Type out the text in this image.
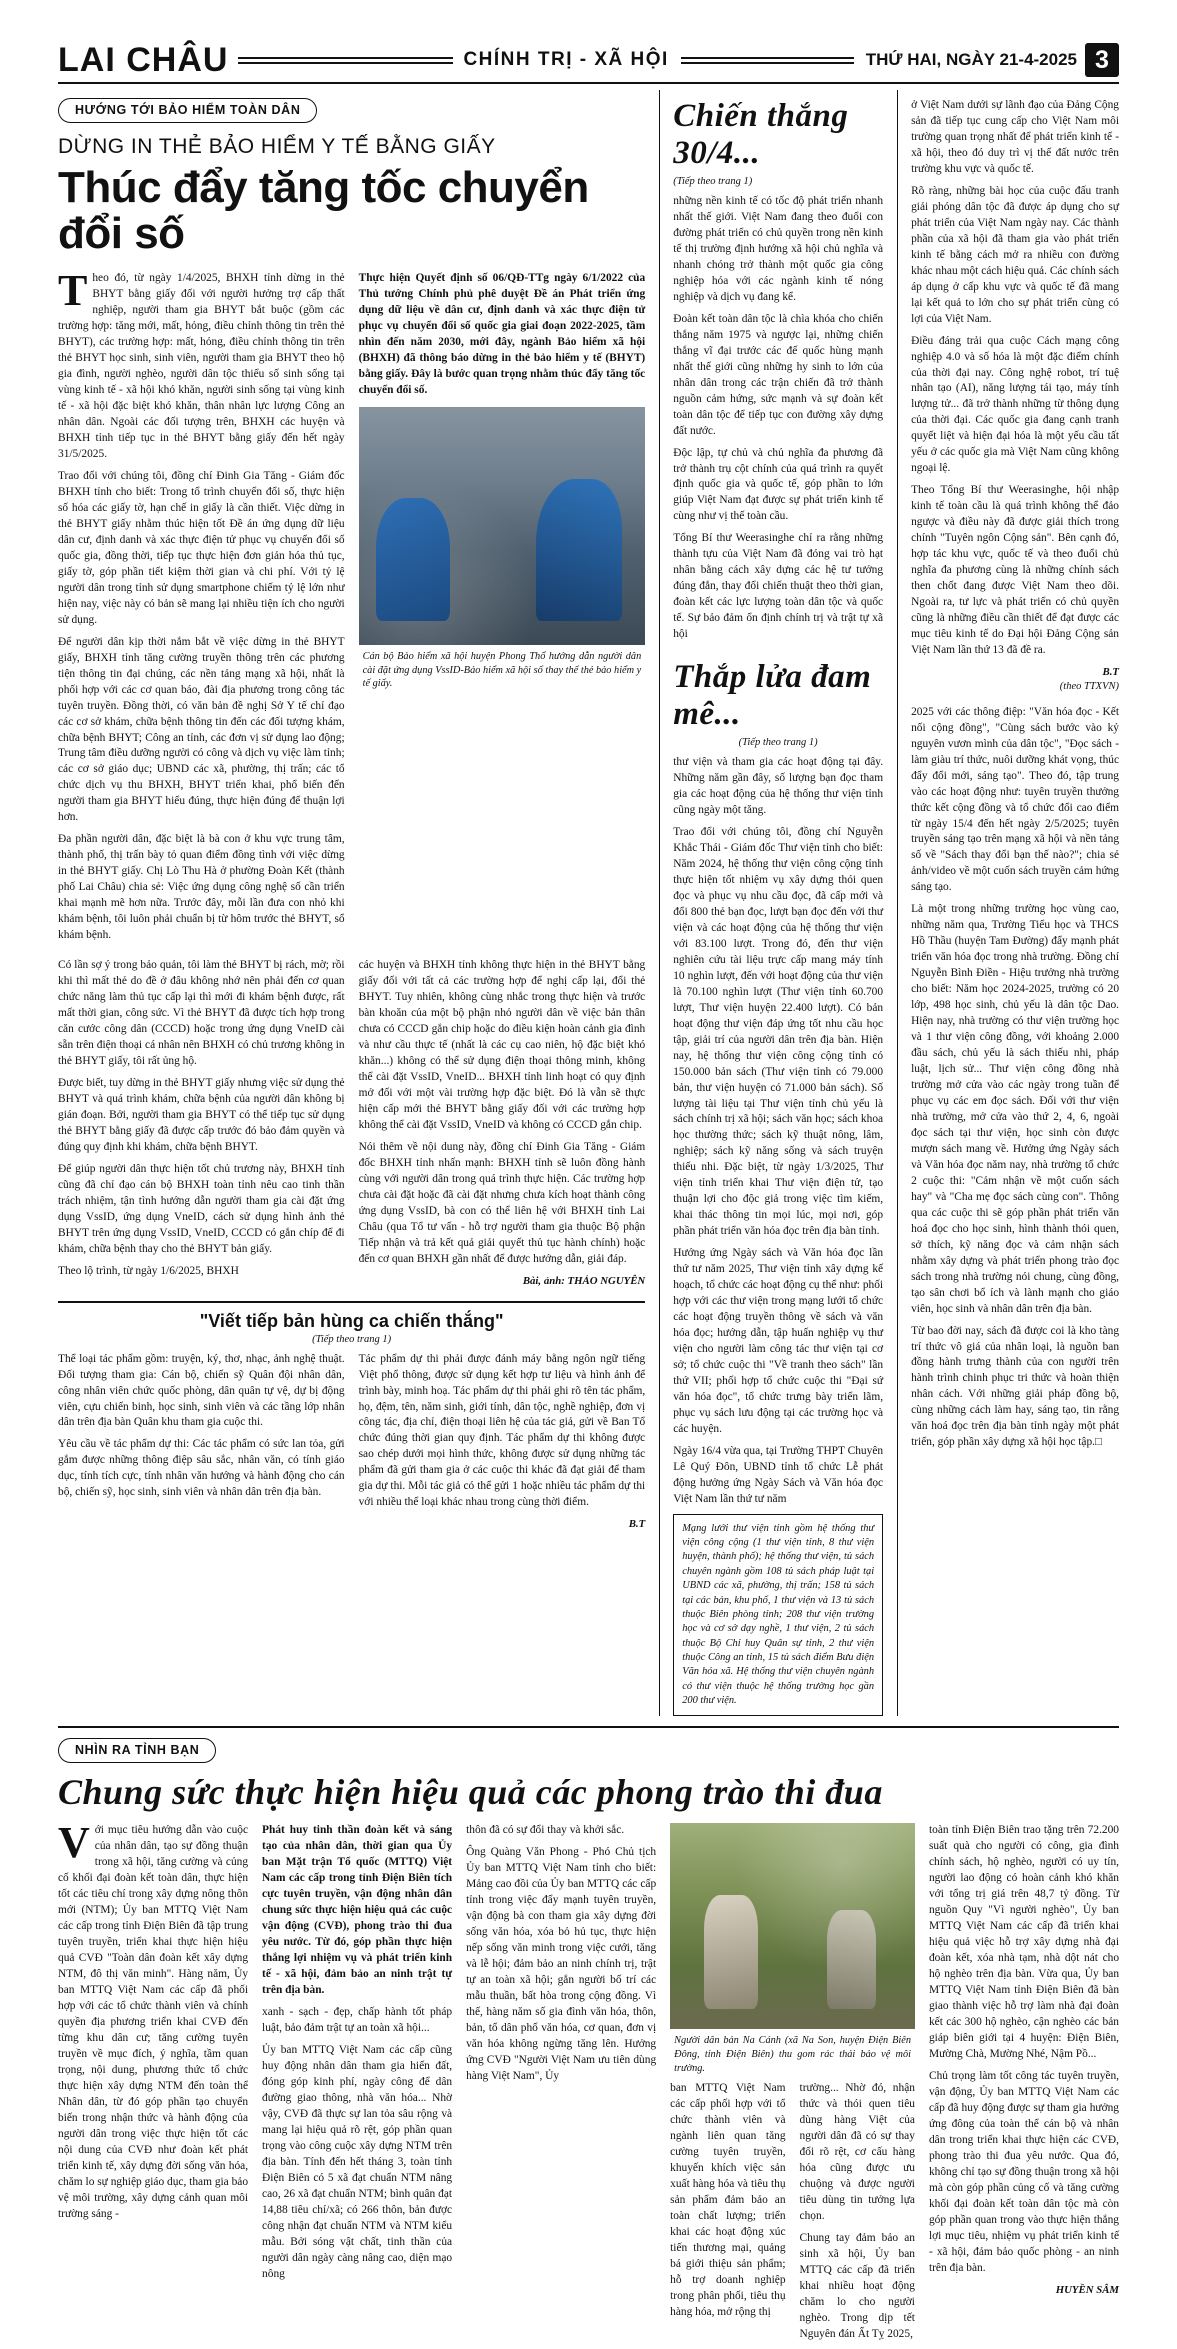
LAI CHÂU	CHÍNH TRỊ - XÃ HỘI	THỨ HAI, NGÀY 21-4-2025 3
HƯỚNG TỚI BẢO HIỂM TOÀN DÂN
DỪNG IN THẺ BẢO HIỂM Y TẾ BẰNG GIẤY
Thúc đẩy tăng tốc chuyển đổi số

Theo đó, từ ngày 1/4/2025, BHXH tỉnh dừng in thẻ BHYT bằng giấy đối với người hưởng trợ cấp thất nghiệp, người tham gia BHYT bắt buộc (gồm các trường hợp: tăng mới, mất, hỏng, điều chỉnh thông tin trên thẻ BHYT), các trường hợp: mất, hỏng, điều chỉnh thông tin trên thẻ BHYT học sinh, sinh viên, người tham gia BHYT theo hộ gia đình, người nghèo, người dân tộc thiểu số sinh sống tại vùng kinh tế - xã hội khó khăn, người sinh sống tại vùng kinh tế - xã hội đặc biệt khó khăn, thân nhân lực lượng Công an nhân dân. Ngoài các đối tượng trên, BHXH các huyện và BHXH tỉnh tiếp tục in thẻ BHYT bằng giấy đến hết ngày 31/5/2025.

Trao đổi với chúng tôi, đồng chí Đinh Gia Tăng - Giám đốc BHXH tỉnh cho biết: Trong tổ trình chuyển đổi số, thực hiện số hóa các giấy tờ, hạn chế in giấy là cần thiết. Việc dừng in thẻ BHYT giấy nhằm thúc hiện tốt Đề án ứng dụng dữ liệu dân cư, định danh và xác thực điện tử phục vụ chuyển đổi số quốc gia, đồng thời, tiếp tục thực hiện đơn giản hóa thủ tục, giấy tờ, góp phần tiết kiệm thời gian và chi phí. Với tỷ lệ người dân trong tỉnh sử dụng smartphone chiếm tỷ lệ lớn như hiện nay, việc này có bản sẽ mang lại nhiều tiện ích cho người sử dụng.

Để người dân kịp thời nắm bắt về việc dừng in thẻ BHYT giấy, BHXH tỉnh tăng cường truyền thông trên các phương tiện thông tin đại chúng, các nền tảng mạng xã hội, nhất là phối hợp với các cơ quan báo, đài địa phương trong công tác tuyên truyền. Đồng thời, có văn bản đề nghị Sở Y tế chỉ đạo các cơ sở khám, chữa bệnh thông tin đến các đối tượng khám, chữa bệnh BHYT; Công an tỉnh, các đơn vị sử dụng lao động; Trung tâm điều dưỡng người có công và dịch vụ việc làm tỉnh; các cơ sở giáo dục; UBND các xã, phường, thị trấn; các tổ chức dịch vụ thu BHXH, BHYT triển khai, phổ biến đến người tham gia BHYT hiểu đúng, thực hiện đúng để thuận lợi hơn.

Đa phần người dân, đặc biệt là bà con ở khu vực trung tâm, thành phố, thị trấn bày tỏ quan điểm đồng tình với việc dừng in thẻ BHYT giấy. Chị Lò Thu Hà ở phường Đoàn Kết (thành phố Lai Châu) chia sẻ: Việc ứng dụng công nghệ số cần triển khai mạnh mẽ hơn nữa. Trước đây, mỗi lần đưa con nhỏ khi khám bệnh, tôi luôn phải chuẩn bị từ hôm trước thẻ BHYT, sổ khám bệnh.

Thực hiện Quyết định số 06/QĐ-TTg ngày 6/1/2022 của Thủ tướng Chính phủ phê duyệt Đề án Phát triển ứng dụng dữ liệu về dân cư, định danh và xác thực điện tử phục vụ chuyển đổi số quốc gia giai đoạn 2022-2025, tầm nhìn đến năm 2030, mới đây, ngành Bảo hiểm xã hội (BHXH) đã thông báo dừng in thẻ bảo hiểm y tế (BHYT) bằng giấy. Đây là bước quan trọng nhằm thúc đẩy tăng tốc chuyển đổi số.
Cán bộ Bảo hiểm xã hội huyện Phong Thổ hướng dẫn người dân cài đặt ứng dụng VssID-Bảo hiểm xã hội số thay thế thẻ bảo hiểm y tế giấy.

Có lần sợ ý trong bảo quản, tôi làm thẻ BHYT bị rách, mờ; rồi khi thì mất thẻ do đề ở đâu không nhớ nên phải đến cơ quan chức năng làm thủ tục cấp lại thì mới đi khám bệnh được, rất mất thời gian, công sức. Vì thẻ BHYT đã được tích hợp trong căn cước công dân (CCCD) hoặc trong ứng dụng VneID cài sẵn trên điện thoại cá nhân nên BHXH có chủ trương không in thẻ BHYT giấy, tôi rất ủng hộ.

Được biết, tuy dừng in thẻ BHYT giấy nhưng việc sử dụng thẻ BHYT và quá trình khám, chữa bệnh của người dân không bị gián đoạn. Bởi, người tham gia BHYT có thể tiếp tục sử dụng thẻ BHYT bằng giấy đã được cấp trước đó bảo đảm quyền và đúng quy định khi khám, chữa bệnh BHYT.

Để giúp người dân thực hiện tốt chủ trương này, BHXH tỉnh cũng đã chỉ đạo cán bộ BHXH toàn tỉnh nêu cao tinh thần trách nhiệm, tận tình hướng dẫn người tham gia cài đặt ứng dụng VssID, ứng dụng VneID, cách sử dụng hình ảnh thẻ BHYT trên ứng dụng VssID, VneID, CCCD có gắn chíp để đi khám, chữa bệnh thay cho thẻ BHYT bản giấy.

Theo lộ trình, từ ngày 1/6/2025, BHXH

các huyện và BHXH tỉnh không thực hiện in thẻ BHYT bằng giấy đối với tất cả các trường hợp để nghị cấp lại, đổi thẻ BHYT. Tuy nhiên, không cùng nhắc trong thực hiện và trước bàn khoăn của một bộ phận nhỏ người dân về việc bản thân chưa có CCCD gắn chip hoặc do điều kiện hoàn cảnh gia đình và như cầu thực tế (nhất là các cụ cao niên, hộ đặc biệt khó khăn...) không có thể sử dụng điện thoại thông minh, không thể cài đặt VssID, VneID... BHXH tỉnh linh hoạt có quy định mở đối với một vài trường hợp đặc biệt. Đó là vẫn sẽ thực hiện cấp mới thẻ BHYT bằng giấy đối với các trường hợp không thể cài đặt VssID, VneID và không có CCCD gắn chip.

Nói thêm về nội dung này, đồng chí Đinh Gia Tăng - Giám đốc BHXH tỉnh nhấn mạnh: BHXH tỉnh sẽ luôn đồng hành cùng với người dân trong quá trình thực hiện. Các trường hợp chưa cài đặt hoặc đã cài đặt nhưng chưa kích hoạt thành công ứng dụng VssID, bà con có thể liên hệ với BHXH tỉnh Lai Châu (qua Tổ tư vấn - hỗ trợ người tham gia thuộc Bộ phận Tiếp nhận và trả kết quả giải quyết thủ tục hành chính) hoặc đến cơ quan BHXH gần nhất để được hướng dẫn, giải đáp.

Bài, ảnh: THẢO NGUYÊN
"Viết tiếp bản hùng ca chiến thắng"
(Tiếp theo trang 1)

Thể loại tác phẩm gồm: truyện, ký, thơ, nhạc, ảnh nghệ thuật. Đối tượng tham gia: Cán bộ, chiến sỹ Quân đội nhân dân, công nhân viên chức quốc phòng, dân quân tự vệ, dự bị động viên, cựu chiến binh, học sinh, sinh viên và các tầng lớp nhân dân trên địa bàn Quân khu tham gia cuộc thi.

Yêu cầu về tác phẩm dự thi: Các tác phẩm có sức lan tỏa, gửi gắm được những thông điệp sâu sắc, nhân văn, có tính giáo dục, tính tích cực, tính nhân văn hướng và hành động cho cán bộ, chiến sỹ, học sinh, sinh viên và nhân dân trên địa bàn.

Tác phẩm dự thi phải được đánh máy bằng ngôn ngữ tiếng Việt phổ thông, được sử dụng kết hợp tư liệu và hình ảnh để trình bày, minh hoạ. Tác phẩm dự thi phải ghi rõ tên tác phẩm, họ, đệm, tên, năm sinh, giới tính, dân tộc, nghề nghiệp, đơn vị công tác, địa chỉ, điện thoại liên hệ của tác giả, gửi về Ban Tổ chức đúng thời gian quy định. Tác phẩm dự thi không được sao chép dưới mọi hình thức, không được sử dụng những tác phẩm đã gửi tham gia ở các cuộc thi khác đã đạt giải để tham gia dự thi. Mỗi tác giả có thể gửi 1 hoặc nhiều tác phẩm dự thi với nhiều thể loại khác nhau trong cùng thời điểm.

B.T
Chiến thắng 30/4...
(Tiếp theo trang 1)

những nền kinh tế có tốc độ phát triển nhanh nhất thế giới. Việt Nam đang theo đuổi con đường phát triển có chủ quyền trong nền kinh tế thị trường định hướng xã hội chủ nghĩa và nhanh chóng trở thành một quốc gia công nghiệp hóa với các ngành kinh tế nóng nghiệp và dịch vụ đang kể.

Đoàn kết toàn dân tộc là chìa khóa cho chiến thắng năm 1975 và ngược lại, những chiến thắng vĩ đại trước các đế quốc hùng mạnh nhất thế giới cũng những hy sinh to lớn của nhân dân trong các trận chiến đã trở thành nguồn cảm hứng, sức mạnh và sự đoàn kết toàn dân tộc để tiếp tục con đường xây dựng đất nước.

Độc lập, tự chủ và chủ nghĩa đa phương đã trở thành trụ cột chính của quá trình ra quyết định quốc gia và quốc tế, góp phần to lớn giúp Việt Nam đạt được sự phát triển kinh tế cùng như vị thế toàn cầu.

Tổng Bí thư Weerasinghe chỉ ra rằng những thành tựu của Việt Nam đã đóng vai trò hạt nhân bằng cách xây dựng các hệ tư tưởng đúng đắn, thay đổi chiến thuật theo thời gian, đoàn kết các lực lượng toàn dân tộc và quốc tế. Sự bảo đảm ổn định chính trị và trật tự xã hội

Thắp lửa đam mê...
(Tiếp theo trang 1)

thư viện và tham gia các hoạt động tại đây. Những năm gần đây, số lượng bạn đọc tham gia các hoạt động của hệ thống thư viện tỉnh cũng ngày một tăng.

Trao đổi với chúng tôi, đồng chí Nguyễn Khắc Thái - Giám đốc Thư viện tỉnh cho biết: Năm 2024, hệ thống thư viện công cộng tỉnh thực hiện tốt nhiệm vụ xây dựng thói quen đọc và phục vụ nhu cầu đọc, đã cấp mới và đổi 800 thẻ bạn đọc, lượt bạn đọc đến với thư viện và các hoạt động của hệ thống thư viện với 83.100 lượt. Trong đó, đến thư viện nghiên cứu tài liệu trực cấp mang máy tính 10 nghìn lượt, đến với hoạt động của thư viện là 70.100 nghìn lượt (Thư viện tỉnh 60.700 lượt, Thư viện huyện 22.400 lượt). Có bản hoạt động thư viện đáp ứng tốt nhu cầu học tập, giải trí của người dân trên địa bàn. Hiện nay, hệ thống thư viện công cộng tỉnh có 150.000 bản sách (Thư viện tỉnh có 79.000 bản, thư viện huyện có 71.000 bản sách). Số lượng tài liệu tại Thư viện tỉnh chủ yếu là sách chính trị xã hội; sách văn học; sách khoa học thường thức; sách kỹ thuật nông, lâm, nghiệp; sách kỹ năng sống và sách truyện thiếu nhi. Đặc biệt, từ ngày 1/3/2025, Thư viện tỉnh triển khai Thư viện điện tử, tạo thuận lợi cho độc giả trong việc tìm kiếm, khai thác thông tin mọi lúc, mọi nơi, góp phần phát triển văn hóa đọc trên địa bàn tỉnh.

Hướng ứng Ngày sách và Văn hóa đọc lần thứ tư năm 2025, Thư viện tỉnh xây dựng kế hoạch, tổ chức các hoạt động cụ thể như: phối hợp với các thư viện trong mạng lưới tổ chức các hoạt động truyền thông về sách và văn hóa đọc; hướng dẫn, tập huấn nghiệp vụ thư viện cho người làm công tác thư viện tại cơ sở; tổ chức cuộc thi "Về tranh theo sách" lần thứ VII; phối hợp tổ chức cuộc thi "Đại sứ văn hóa đọc", tổ chức trưng bày triển lãm, phục vụ sách lưu động tại các trường học và các huyện.

Ngày 16/4 vừa qua, tại Trường THPT Chuyên Lê Quý Đôn, UBND tỉnh tổ chức Lễ phát động hưởng ứng Ngày Sách và Văn hóa đọc Việt Nam lần thứ tư năm

Mạng lưới thư viện tỉnh gồm hệ thống thư viện công cộng (1 thư viện tỉnh, 8 thư viện huyện, thành phố); hệ thống thư viện, tủ sách chuyên ngành gồm 108 tủ sách pháp luật tại UBND các xã, phường, thị trấn; 158 tủ sách tại các bản, khu phố, 1 thư viện và 13 tủ sách thuộc Biên phòng tỉnh; 208 thư viện trường học và cơ sở dạy nghề, 1 thư viện, 2 tủ sách thuộc Bộ Chỉ huy Quân sự tỉnh, 2 thư viện thuộc Công an tỉnh, 15 tủ sách điểm Bưu điện Văn hóa xã. Hệ thống thư viện chuyên ngành có thư viện thuộc hệ thống trường học gần 200 thư viện.

ở Việt Nam dưới sự lãnh đạo của Đảng Cộng sản đã tiếp tục cung cấp cho Việt Nam môi trường quan trọng nhất để phát triển kinh tế - xã hội, theo đó duy trì vị thế đất nước trên trường khu vực và quốc tế.

Rõ ràng, những bài học của cuộc đấu tranh giải phóng dân tộc đã được áp dụng cho sự phát triển của Việt Nam ngày nay. Các thành phần của xã hội đã tham gia vào phát triển kinh tế bằng cách mở ra nhiều con đường khác nhau một cách hiệu quả. Các chính sách áp dụng ở cấp khu vực và quốc tế đã mang lại kết quả to lớn cho sự phát triển cùng có lợi của Việt Nam.

Điều đáng trải qua cuộc Cách mạng công nghiệp 4.0 và số hóa là một đặc điểm chính của thời đại nay. Công nghệ robot, trí tuệ nhân tạo (AI), năng lượng tái tạo, máy tính lượng tử... đã trở thành những từ thông dụng của thời đại. Các quốc gia đang cạnh tranh quyết liệt và hiện đại hóa là một yếu cầu tất yếu ở các quốc gia mà Việt Nam cũng không ngoại lệ.

Theo Tổng Bí thư Weerasinghe, hội nhập kinh tế toàn cầu là quá trình không thể đảo ngược và điều này đã được giải thích trong chính "Tuyên ngôn Cộng sản". Bên cạnh đó, hợp tác khu vực, quốc tế và theo đuổi chủ nghĩa đa phương cùng là những chính sách then chốt đang được Việt Nam theo dõi. Ngoài ra, tư lực và phát triển có chủ quyền cũng là những điều cần thiết để đạt được các mục tiêu kinh tế do Đại hội Đảng Cộng sản Việt Nam lần thứ 13 đã đề ra.

B.T
(theo TTXVN)

2025 với các thông điệp: "Văn hóa đọc - Kết nối cộng đồng", "Cùng sách bước vào kỷ nguyên vươn mình của dân tộc", "Đọc sách - làm giàu trí thức, nuôi dưỡng khát vọng, thúc đẩy đổi mới, sáng tạo". Theo đó, tập trung vào các hoạt động như: tuyên truyền thưởng thức kết cộng đồng và tổ chức đổi cao điểm từ ngày 15/4 đến hết ngày 2/5/2025; tuyên truyền sáng tạo trên mạng xã hội và nền tảng số về "Sách thay đổi bạn thế nào?"; chia sẻ ảnh/video về một cuốn sách truyền cảm hứng sáng tạo.

Là một trong những trường học vùng cao, những năm qua, Trường Tiểu học và THCS Hồ Thầu (huyện Tam Đường) đẩy mạnh phát triển văn hóa đọc trong nhà trường. Đồng chí Nguyễn Bình Điền - Hiệu trưởng nhà trường cho biết: Năm học 2024-2025, trường có 20 lớp, 498 học sinh, chủ yếu là dân tộc Dao. Hiện nay, nhà trường có thư viện trường học và 1 thư viện công đồng, với khoảng 2.000 đầu sách, chủ yếu là sách thiếu nhi, pháp luật, lịch sử... Thư viện công đồng nhà trường mở cửa vào các ngày trong tuần để phục vụ các em đọc sách. Đối với thư viện nhà trường, mở cửa vào thứ 2, 4, 6, ngoài đọc sách tại thư viện, học sinh còn được mượn sách mang về. Hưởng ứng Ngày sách và Văn hóa đọc năm nay, nhà trường tổ chức 2 cuộc thi: "Cảm nhận về một cuốn sách hay" và "Cha mẹ đọc sách cùng con". Thông qua các cuộc thi sẽ góp phần phát triển văn hoá đọc cho học sinh, hình thành thói quen, sở thích, kỹ năng đọc và cảm nhận sách nhằm xây dựng và phát triển phong trào đọc sách trong nhà trường nói chung, cùng đồng, tạo sân chơi bổ ích và lành mạnh cho giáo viên, học sinh và nhân dân trên địa bàn.

Từ bao đời nay, sách đã được coi là kho tàng trí thức vô giá của nhân loại, là nguồn ban đồng hành trưng thành của con người trên hành trình chinh phục tri thức và hoàn thiện nhân cách. Với những giải pháp đồng bộ, cùng những cách làm hay, sáng tạo, tin rằng văn hoá đọc trên địa bàn tỉnh ngày một phát triển, góp phần xây dựng xã hội học tập.□

NHÌN RA TỈNH BẠN
Chung sức thực hiện hiệu quả các phong trào thi đua

Với mục tiêu hướng dẫn vào cuộc của nhân dân, tạo sự đồng thuận trong xã hội, tăng cường và củng cố khối đại đoàn kết toàn dân, thực hiện tốt các tiêu chí trong xây dựng nông thôn mới (NTM); Ủy ban MTTQ Việt Nam các cấp trong tỉnh Điện Biên đã tập trung tuyên truyền, triển khai thực hiện hiệu quả CVĐ "Toàn dân đoàn kết xây dựng NTM, đô thị văn minh". Hàng năm, Ủy ban MTTQ Việt Nam các cấp đã phối hợp với các tổ chức thành viên và chính quyền địa phương triển khai CVĐ đến từng khu dân cư; tăng cường tuyên truyền về mục đích, ý nghĩa, tầm quan trọng, nội dung, phương thức tổ chức thực hiện xây dựng NTM đến toàn thể Nhân dân, từ đó góp phần tạo chuyển biến trong nhận thức và hành động của người dân trong việc thực hiện tốt các nội dung của CVĐ như đoàn kết phát triển kinh tế, xây dựng đời sống văn hóa, chăm lo sự nghiệp giáo dục, tham gia bảo vệ môi trường, xây dựng cảnh quan môi trường sáng -

Phát huy tinh thần đoàn kết và sáng tạo của nhân dân, thời gian qua Ủy ban Mặt trận Tổ quốc (MTTQ) Việt Nam các cấp trong tỉnh Điện Biên tích cực tuyên truyền, vận động nhân dân chung sức thực hiện hiệu quả các cuộc vận động (CVĐ), phong trào thi đua yêu nước. Từ đó, góp phần thực hiện thắng lợi nhiệm vụ và phát triển kinh tế - xã hội, đảm bảo an ninh trật tự trên địa bàn.

xanh - sạch - đẹp, chấp hành tốt pháp luật, bảo đảm trật tự an toàn xã hội...

Ủy ban MTTQ Việt Nam các cấp cũng huy động nhân dân tham gia hiến đất, đóng góp kinh phí, ngày công để dân đường giao thông, nhà văn hóa... Nhờ vậy, CVĐ đã thực sự lan tỏa sâu rộng và mang lại hiệu quả rõ rệt, góp phần quan trọng vào công cuộc xây dựng NTM trên địa bàn. Tính đến hết tháng 3, toàn tỉnh Điện Biên có 5 xã đạt chuẩn NTM nâng cao, 26 xã đạt chuẩn NTM; bình quân đạt 14,88 tiêu chí/xã; có 266 thôn, bản được công nhận đạt chuẩn NTM và NTM kiểu mẫu. Bởi sóng vật chất, tinh thần của người dân ngày càng nâng cao, diện mạo nông

thôn đã có sự đổi thay và khởi sắc.

Ông Quàng Văn Phong - Phó Chủ tịch Ủy ban MTTQ Việt Nam tỉnh cho biết: Mảng cao đồi của Ủy ban MTTQ các cấp tỉnh trong việc đẩy mạnh tuyên truyền, vận động bà con tham gia xây dựng đời sống văn hóa, xóa bỏ hủ tục, thực hiện nếp sống văn minh trong việc cưới, tăng và lễ hội; đảm bảo an ninh chính trị, trật tự an toàn xã hội; gắn người bố trí các mẫu thuần, bất hòa trong cộng đồng. Vì thế, hàng năm số gia đình văn hóa, thôn, bản, tổ dân phố văn hóa, cơ quan, đơn vị văn hóa không ngừng tăng lên. Hưởng ứng CVĐ "Người Việt Nam ưu tiên dùng hàng Việt Nam", Ủy

Người dân bản Na Cánh (xã Na Son, huyện Điện Biên Đông, tỉnh Điện Biên) thu gom rác thải bảo vệ môi trường.

ban MTTQ Việt Nam các cấp phối hợp với tổ chức thành viên và ngành liên quan tăng cường tuyên truyền, khuyến khích việc sản xuất hàng hóa và tiêu thụ sản phẩm đảm bảo an toàn chất lượng; triển khai các hoạt động xúc tiến thương mại, quảng bá giới thiệu sản phẩm; hỗ trợ doanh nghiệp trong phân phối, tiêu thụ hàng hóa, mở rộng thị

trường... Nhờ đó, nhận thức và thói quen tiêu dùng hàng Việt của người dân đã có sự thay đổi rõ rệt, cơ cấu hàng hóa cũng được ưu chuộng và được người tiêu dùng tin tưởng lựa chọn.

Chung tay đảm bảo an sinh xã hội, Ủy ban MTTQ các cấp đã triển khai nhiều hoạt động chăm lo cho người nghèo. Trong dịp tết Nguyên đán Ất Tỵ 2025,

toàn tỉnh Điện Biên trao tặng trên 72.200 suất quà cho người có công, gia đình chính sách, hộ nghèo, người có uy tín, người lao động có hoàn cảnh khó khăn với tổng trị giá trên 48,7 tỷ đồng. Từ nguồn Quy "Vì người nghèo", Ủy ban MTTQ Việt Nam các cấp đã triển khai hiệu quả việc hỗ trợ xây dựng nhà đại đoàn kết, xóa nhà tạm, nhà dột nát cho hộ nghèo trên địa bàn. Vừa qua, Ủy ban MTTQ Việt Nam tỉnh Điện Biên đã bàn giao thành việc hỗ trợ làm nhà đại đoàn kết các 300 hộ nghèo, cận nghèo các bản giáp biên giới tại 4 huyện: Điện Biên, Mường Chà, Mường Nhé, Nậm Pồ...

Chủ trọng làm tốt công tác tuyên truyền, vận động, Ủy ban MTTQ Việt Nam các cấp đã huy động được sự tham gia hưởng ứng đông của toàn thể cán bộ và nhân dân trong triển khai thực hiện các CVĐ, phong trào thi đua yêu nước. Qua đó, không chỉ tạo sự đồng thuận trong xã hội mà còn góp phần củng cố và tăng cường khối đại đoàn kết toàn dân tộc mà còn góp phần quan trong vào thực hiện thắng lợi mục tiêu, nhiệm vụ phát triển kinh tế - xã hội, đảm bảo quốc phòng - an ninh trên địa bàn.

HUYỀN SÂM
